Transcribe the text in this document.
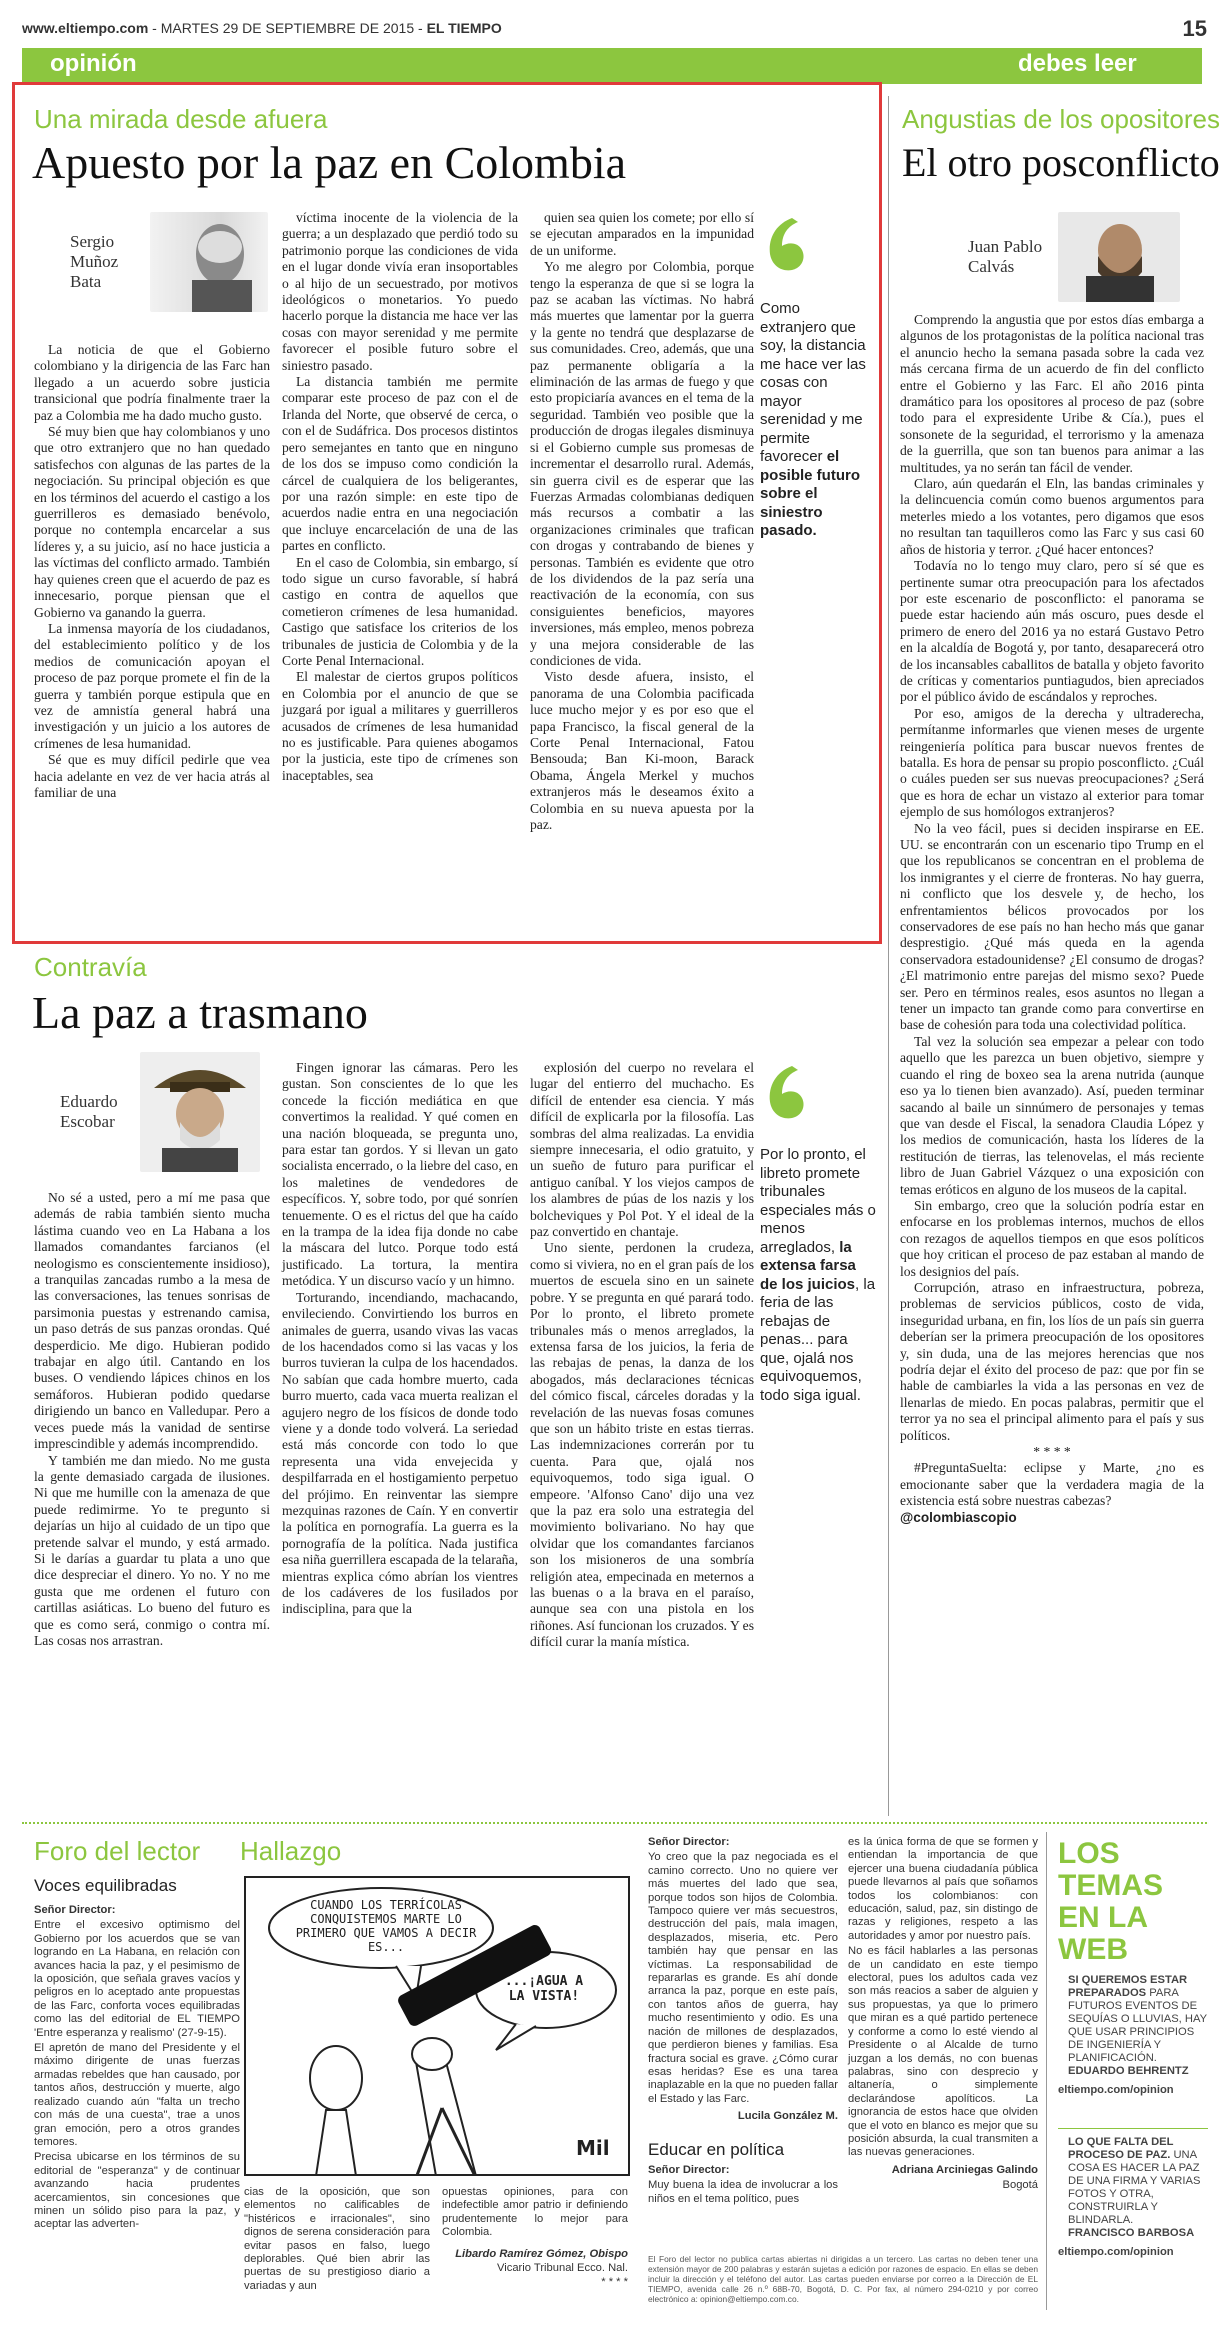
www.eltiempo.com - MARTES 29 DE SEPTIEMBRE DE 2015 - EL TIEMPO	15
opinión	debes leer
Una mirada desde afuera
Apuesto por la paz en Colombia
Sergio Muñoz Bata

La noticia de que el Gobierno colombiano y la dirigencia de las Farc han llegado a un acuerdo sobre justicia transicional que podría finalmente traer la paz a Colombia me ha dado mucho gusto.

Sé muy bien que hay colombianos y uno que otro extranjero que no han quedado satisfechos con algunas de las partes de la negociación. Su principal objeción es que en los términos del acuerdo el castigo a los guerrilleros es demasiado benévolo, porque no contempla encarcelar a sus líderes y, a su juicio, así no hace justicia a las víctimas del conflicto armado. También hay quienes creen que el acuerdo de paz es innecesario, porque piensan que el Gobierno va ganando la guerra.

La inmensa mayoría de los ciudadanos, del establecimiento político y de los medios de comunicación apoyan el proceso de paz porque promete el fin de la guerra y también porque estipula que en vez de amnistía general habrá una investigación y un juicio a los autores de crímenes de lesa humanidad.

Sé que es muy difícil pedirle que vea hacia adelante en vez de ver hacia atrás al familiar de una

víctima inocente de la violencia de la guerra; a un desplazado que perdió todo su patrimonio porque las condiciones de vida en el lugar donde vivía eran insoportables o al hijo de un secuestrado, por motivos ideológicos o monetarios. Yo puedo hacerlo porque la distancia me hace ver las cosas con mayor serenidad y me permite favorecer el posible futuro sobre el siniestro pasado.

La distancia también me permite comparar este proceso de paz con el de Irlanda del Norte, que observé de cerca, o con el de Sudáfrica. Dos procesos distintos pero semejantes en tanto que en ninguno de los dos se impuso como condición la cárcel de cualquiera de los beligerantes, por una razón simple: en este tipo de acuerdos nadie entra en una negociación que incluye encarcelación de una de las partes en conflicto.

En el caso de Colombia, sin embargo, sí todo sigue un curso favorable, sí habrá castigo en contra de aquellos que cometieron crímenes de lesa humanidad. Castigo que satisface los criterios de los tribunales de justicia de Colombia y de la Corte Penal Internacional.

El malestar de ciertos grupos políticos en Colombia por el anuncio de que se juzgará por igual a militares y guerrilleros acusados de crímenes de lesa humanidad no es justificable. Para quienes abogamos por la justicia, este tipo de crímenes son inaceptables, sea

quien sea quien los comete; por ello sí se ejecutan amparados en la impunidad de un uniforme.

Yo me alegro por Colombia, porque tengo la esperanza de que si se logra la paz se acaban las víctimas. No habrá más muertes que lamentar por la guerra y la gente no tendrá que desplazarse de sus comunidades. Creo, además, que una paz permanente obligaría a la eliminación de las armas de fuego y que esto propiciaría avances en el tema de la seguridad. También veo posible que la producción de drogas ilegales disminuya si el Gobierno cumple sus promesas de incrementar el desarrollo rural. Además, sin guerra civil es de esperar que las Fuerzas Armadas colombianas dediquen más recursos a combatir a las organizaciones criminales que trafican con drogas y contrabando de bienes y personas. También es evidente que otro de los dividendos de la paz sería una reactivación de la economía, con sus consiguientes beneficios, mayores inversiones, más empleo, menos pobreza y una mejora considerable de las condiciones de vida.

Visto desde afuera, insisto, el panorama de una Colombia pacificada luce mucho mejor y es por eso que el papa Francisco, la fiscal general de la Corte Penal Internacional, Fatou Bensouda; Ban Ki-moon, Barack Obama, Ángela Merkel y muchos extranjeros más le deseamos éxito a Colombia en su nueva apuesta por la paz.

Como extranjero que soy, la distancia me hace ver las cosas con mayor serenidad y me permite favorecer el posible futuro sobre el siniestro pasado.
Angustias de los opositores
El otro posconflicto
Juan Pablo Calvás

Comprendo la angustia que por estos días embarga a algunos de los protagonistas de la política nacional tras el anuncio hecho la semana pasada sobre la cada vez más cercana firma de un acuerdo de fin del conflicto entre el Gobierno y las Farc. El año 2016 pinta dramático para los opositores al proceso de paz (sobre todo para el expresidente Uribe & Cía.), pues el sonsonete de la seguridad, el terrorismo y la amenaza de la guerrilla, que son tan buenos para animar a las multitudes, ya no serán tan fácil de vender.

Claro, aún quedarán el Eln, las bandas criminales y la delincuencia común como buenos argumentos para meterles miedo a los votantes, pero digamos que esos no resultan tan taquilleros como las Farc y sus casi 60 años de historia y terror. ¿Qué hacer entonces?

Todavía no lo tengo muy claro, pero sí sé que es pertinente sumar otra preocupación para los afectados por este escenario de posconflicto: el panorama se puede estar haciendo aún más oscuro, pues desde el primero de enero del 2016 ya no estará Gustavo Petro en la alcaldía de Bogotá y, por tanto, desaparecerá otro de los incansables caballitos de batalla y objeto favorito de críticas y comentarios puntiagudos, bien apreciados por el público ávido de escándalos y reproches.

Por eso, amigos de la derecha y ultraderecha, permítanme informarles que vienen meses de urgente reingeniería política para buscar nuevos frentes de batalla. Es hora de pensar su propio posconflicto. ¿Cuál o cuáles pueden ser sus nuevas preocupaciones? ¿Será que es hora de echar un vistazo al exterior para tomar ejemplo de sus homólogos extranjeros?

No la veo fácil, pues si deciden inspirarse en EE. UU. se encontrarán con un escenario tipo Trump en el que los republicanos se concentran en el problema de los inmigrantes y el cierre de fronteras. No hay guerra, ni conflicto que los desvele y, de hecho, los enfrentamientos bélicos provocados por los conservadores de ese país no han hecho más que ganar desprestigio. ¿Qué más queda en la agenda conservadora estadounidense? ¿El consumo de drogas? ¿El matrimonio entre parejas del mismo sexo? Puede ser. Pero en términos reales, esos asuntos no llegan a tener un impacto tan grande como para convertirse en base de cohesión para toda una colectividad política.

Tal vez la solución sea empezar a pelear con todo aquello que les parezca un buen objetivo, siempre y cuando el ring de boxeo sea la arena nutrida (aunque eso ya lo tienen bien avanzado). Así, pueden terminar sacando al baile un sinnúmero de personajes y temas que van desde el Fiscal, la senadora Claudia López y los medios de comunicación, hasta los líderes de la restitución de tierras, las telenovelas, el más reciente libro de Juan Gabriel Vázquez o una exposición con temas eróticos en alguno de los museos de la capital.

Sin embargo, creo que la solución podría estar en enfocarse en los problemas internos, muchos de ellos con rezagos de aquellos tiempos en que esos políticos que hoy critican el proceso de paz estaban al mando de los designios del país.

Corrupción, atraso en infraestructura, pobreza, problemas de servicios públicos, costo de vida, inseguridad urbana, en fin, los líos de un país sin guerra deberían ser la primera preocupación de los opositores y, sin duda, una de las mejores herencias que nos podría dejar el éxito del proceso de paz: que por fin se hable de cambiarles la vida a las personas en vez de llenarlas de miedo. En pocas palabras, permitir que el terror ya no sea el principal alimento para el país y sus políticos.

* * * *

#PreguntaSuelta: eclipse y Marte, ¿no es emocionante saber que la verdadera magia de la existencia está sobre nuestras cabezas?

@colombiascopio

Contravía
La paz a trasmano
Eduardo Escobar

No sé a usted, pero a mí me pasa que además de rabia también siento mucha lástima cuando veo en La Habana a los llamados comandantes farcianos (el neologismo es conscientemente insidioso), a tranquilas zancadas rumbo a la mesa de las conversaciones, las tenues sonrisas de parsimonia puestas y estrenando camisa, un paso detrás de sus panzas orondas. Qué desperdicio. Me digo. Hubieran podido trabajar en algo útil. Cantando en los buses. O vendiendo lápices chinos en los semáforos. Hubieran podido quedarse dirigiendo un banco en Valledupar. Pero a veces puede más la vanidad de sentirse imprescindible y además incomprendido.

Y también me dan miedo. No me gusta la gente demasiado cargada de ilusiones. Ni que me humille con la amenaza de que puede redimirme. Yo te pregunto si dejarías un hijo al cuidado de un tipo que pretende salvar el mundo, y está armado. Si le darías a guardar tu plata a uno que dice despreciar el dinero. Yo no. Y no me gusta que me ordenen el futuro con cartillas asiáticas. Lo bueno del futuro es que es como será, conmigo o contra mí. Las cosas nos arrastran.

Fingen ignorar las cámaras. Pero les gustan. Son conscientes de lo que les concede la ficción mediática en que convertimos la realidad. Y qué comen en una nación bloqueada, se pregunta uno, para estar tan gordos. Y si llevan un gato socialista encerrado, o la liebre del caso, en los maletines de vendedores de específicos. Y, sobre todo, por qué sonríen tenuemente. O es el rictus del que ha caído en la trampa de la idea fija donde no cabe la máscara del lutco. Porque todo está justificado. La tortura, la mentira metódica. Y un discurso vacío y un himno.

Torturando, incendiando, machacando, envileciendo. Convirtiendo los burros en animales de guerra, usando vivas las vacas de los hacendados como si las vacas y los burros tuvieran la culpa de los hacendados. No sabían que cada hombre muerto, cada burro muerto, cada vaca muerta realizan el agujero negro de los físicos de donde todo viene y a donde todo volverá. La seriedad está más concorde con todo lo que representa una vida envejecida y despilfarrada en el hostigamiento perpetuo del prójimo. En reinventar las siempre mezquinas razones de Caín. Y en convertir la política en pornografía. La guerra es la pornografía de la política. Nada justifica esa niña guerrillera escapada de la telaraña, mientras explica cómo abrían los vientres de los cadáveres de los fusilados por indisciplina, para que la

explosión del cuerpo no revelara el lugar del entierro del muchacho. Es difícil de entender esa ciencia. Y más difícil de explicarla por la filosofía. Las sombras del alma realizadas. La envidia siempre innecesaria, el odio gratuito, y un sueño de futuro para purificar el antiguo caníbal. Y los viejos campos de los alambres de púas de los nazis y los bolcheviques y Pol Pot. Y el ideal de la paz convertido en chantaje.

Uno siente, perdonen la crudeza, como si viviera, no en el gran país de los muertos de escuela sino en un sainete pobre. Y se pregunta en qué parará todo. Por lo pronto, el libreto promete tribunales más o menos arreglados, la extensa farsa de los juicios, la feria de las rebajas de penas, la danza de los abogados, más declaraciones técnicas del cómico fiscal, cárceles doradas y la revelación de las nuevas fosas comunes que son un hábito triste en estas tierras. Las indemnizaciones correrán por tu cuenta. Para que, ojalá nos equivoquemos, todo siga igual. O empeore. 'Alfonso Cano' dijo una vez que la paz era solo una estrategia del movimiento bolivariano. No hay que olvidar que los comandantes farcianos son los misioneros de una sombría religión atea, empecinada en meternos a las buenas o a la brava en el paraíso, aunque sea con una pistola en los riñones. Así funcionan los cruzados. Y es difícil curar la manía mística.

Por lo pronto, el libreto promete tribunales especiales más o menos arreglados, la extensa farsa de los juicios, la feria de las rebajas de penas... para que, ojalá nos equivoquemos, todo siga igual.
Foro del lector
Voces equilibradas

Señor Director:

Entre el excesivo optimismo del Gobierno por los acuerdos que se van logrando en La Habana, en relación con avances hacia la paz, y el pesimismo de la oposición, que señala graves vacíos y peligros en lo aceptado ante propuestas de las Farc, conforta voces equilibradas como las del editorial de EL TIEMPO 'Entre esperanza y realismo' (27-9-15).

El apretón de mano del Presidente y el máximo dirigente de unas fuerzas armadas rebeldes que han causado, por tantos años, destrucción y muerte, algo realizado cuando aún "falta un trecho con más de una cuesta", trae a unos gran emoción, pero a otros grandes temores.

Precisa ubicarse en los términos de su editorial de "esperanza" y de continuar avanzando hacia prudentes acercamientos, sin concesiones que minen un sólido piso para la paz, y aceptar las adverten-

Hallazgo
CUANDO LOS TERRÍCOLAS CONQUISTEMOS MARTE LO PRIMERO QUE VAMOS A DECIR ES...
...¡AGUA A LA VISTA!
Mil
cias de la oposición, que son elementos no calificables de "histéricos e irracionales", sino dignos de serena consideración para evitar pasos en falso, luego deplorables. Qué bien abrir las puertas de su prestigioso diario a variadas y aun
opuestas opiniones, para con indefectible amor patrio ir definiendo prudentemente lo mejor para Colombia.
Libardo Ramírez Gómez, Obispo
Vicario Tribunal Ecco. Nal.
* * * *

Señor Director:

Yo creo que la paz negociada es el camino correcto. Uno no quiere ver más muertes del lado que sea, porque todos son hijos de Colombia. Tampoco quiere ver más secuestros, destrucción del país, mala imagen, desplazados, miseria, etc. Pero también hay que pensar en las víctimas. La responsabilidad de repararlas es grande. Es ahí donde arranca la paz, porque en este país, con tantos años de guerra, hay mucho resentimiento y odio. Es una nación de millones de desplazados, que perdieron bienes y familias. Esa fractura social es grave. ¿Cómo curar esas heridas? Ese es una tarea inaplazable en la que no pueden fallar el Estado y las Farc.

Lucila González M.

Educar en política

Señor Director:

Muy buena la idea de involucrar a los niños en el tema político, pues

es la única forma de que se formen y entiendan la importancia de que ejercer una buena ciudadanía pública puede llevarnos al país que soñamos todos los colombianos: con educación, salud, paz, sin distingo de razas y religiones, respeto a las autoridades y amor por nuestro país.

No es fácil hablarles a las personas de un candidato en este tiempo electoral, pues los adultos cada vez son más reacios a saber de alguien y sus propuestas, ya que lo primero que miran es a qué partido pertenece y conforme a como lo esté viendo al Presidente o al Alcalde de turno juzgan a los demás, no con buenas palabras, sino con desprecio y altanería, o simplemente declarándose apolíticos. La ignorancia de estos hace que olviden que el voto en blanco es mejor que su posición absurda, la cual transmiten a las nuevas generaciones.

Adriana Arciniegas Galindo

Bogotá

El Foro del lector no publica cartas abiertas ni dirigidas a un tercero. Las cartas no deben tener una extensión mayor de 200 palabras y estarán sujetas a edición por razones de espacio. En ellas se deben incluir la dirección y el teléfono del autor. Las cartas pueden enviarse por correo a la Dirección de EL TIEMPO, avenida calle 26 n.º 68B-70, Bogotá, D. C. Por fax, al número 294-0210 y por correo electrónico a: opinion@eltiempo.com.co.
LOS TEMAS EN LA WEB
SI QUEREMOS ESTAR PREPARADOS PARA FUTUROS EVENTOS DE SEQUÍAS O LLUVIAS, HAY QUE USAR PRINCIPIOS DE INGENIERÍA Y PLANIFICACIÓN.
EDUARDO BEHRENTZ
eltiempo.com/opinion
LO QUE FALTA DEL PROCESO DE PAZ. UNA COSA ES HACER LA PAZ DE UNA FIRMA Y VARIAS FOTOS Y OTRA, CONSTRUIRLA Y BLINDARLA.
FRANCISCO BARBOSA
eltiempo.com/opinion
